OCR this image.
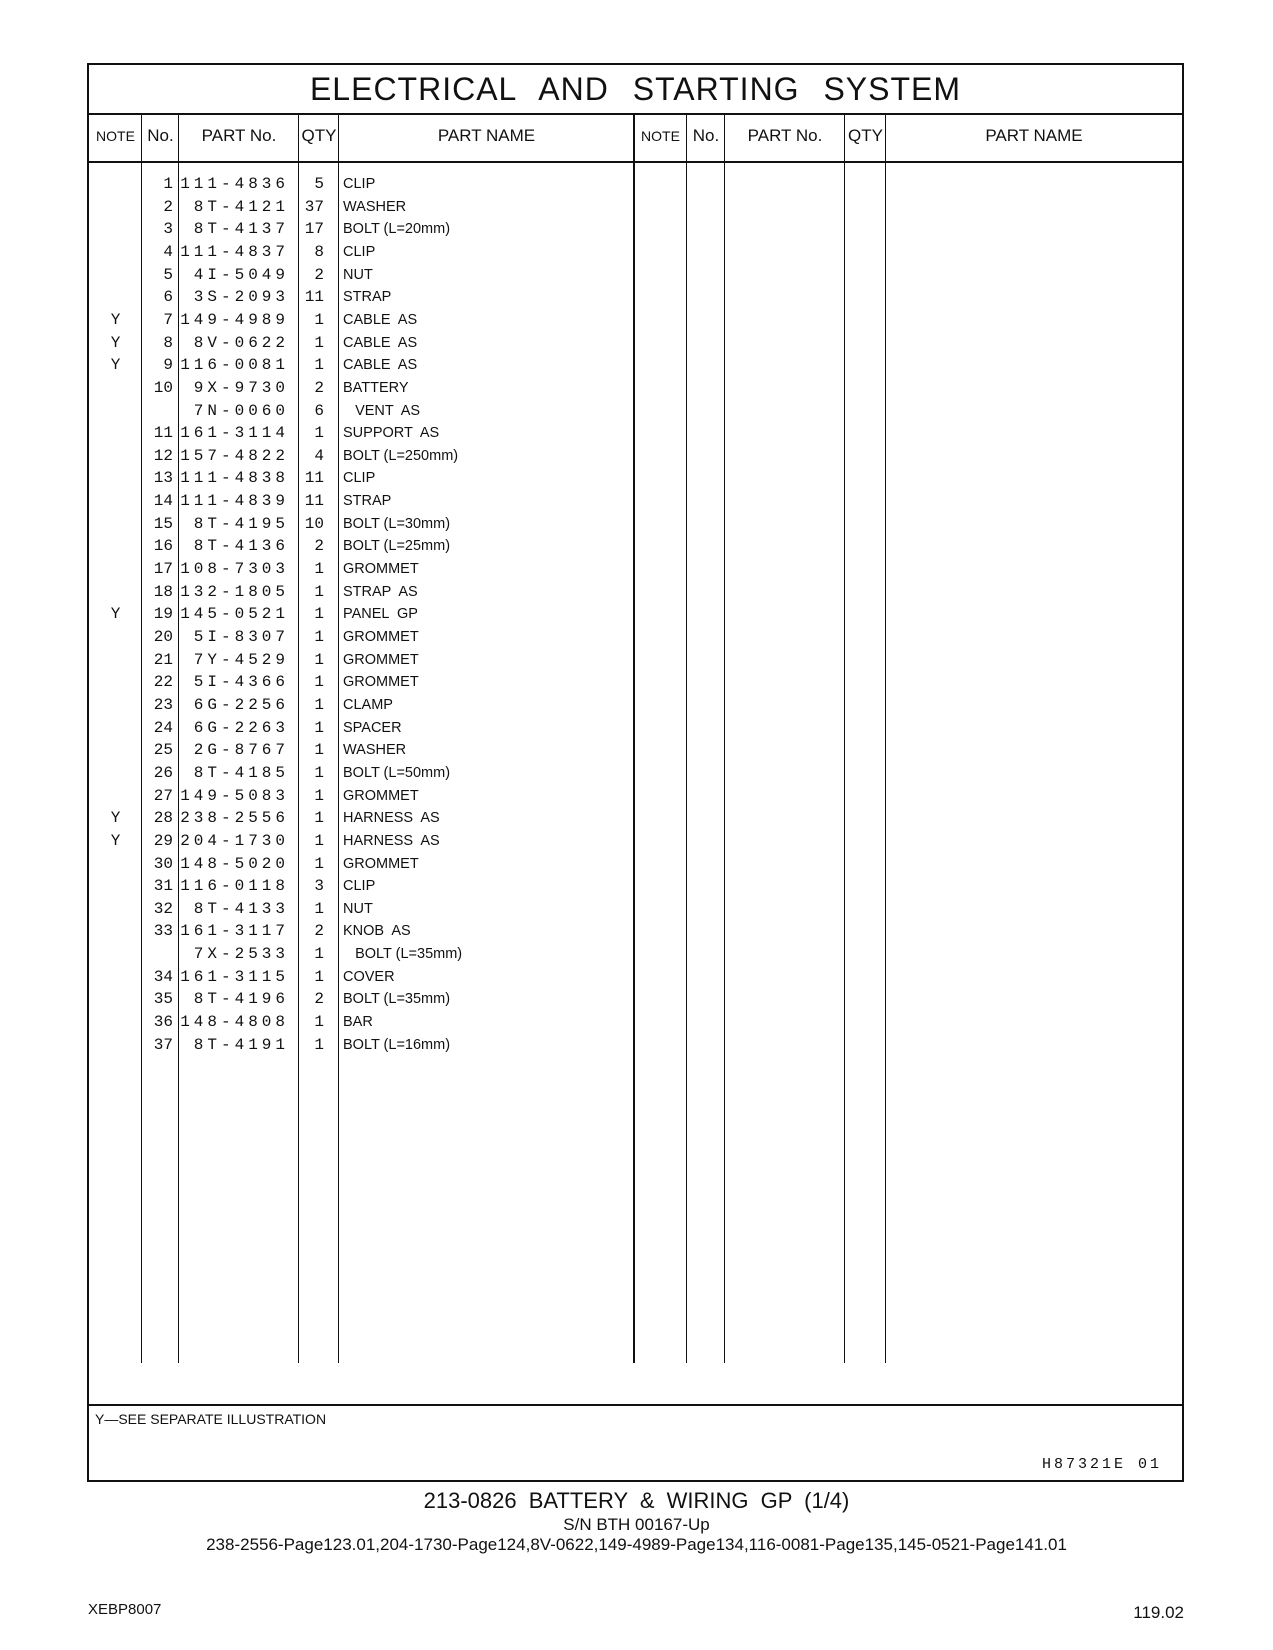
ELECTRICAL AND STARTING SYSTEM
NOTE No.	PART No.	QTY	PART NAME	NOTE No.	PART No.	QTY	PART NAME
1 111-4836	5 CLIP
2	8T-4121 37 WASHER
3	8T-4137 17 BOLT (L=20mm)
4 111-4837	8 CLIP
5	4I-5049	2 NUT
6	3S-2093 11 STRAP
Y	7 149-4989	1 CABLE  AS
Y	8	8V-0622	1 CABLE  AS
Y	9 116-0081	1 CABLE  AS
10	9X-9730	2 BATTERY
7N-0060	6 VENT  AS
11 161-3114	1 SUPPORT  AS
12 157-4822	4 BOLT (L=250mm)
13 111-4838 11 CLIP
14 111-4839 11 STRAP
15	8T-4195 10 BOLT (L=30mm)
16	8T-4136	2 BOLT (L=25mm)
17 108-7303	1 GROMMET
18 132-1805	1 STRAP  AS
Y	19 145-0521	1 PANEL  GP
20	5I-8307	1 GROMMET
21	7Y-4529	1 GROMMET
22	5I-4366	1 GROMMET
23	6G-2256	1 CLAMP
24	6G-2263	1 SPACER
25	2G-8767	1 WASHER
26	8T-4185	1 BOLT (L=50mm)
27 149-5083	1 GROMMET
Y	28 238-2556	1 HARNESS  AS
Y	29 204-1730	1 HARNESS  AS
30 148-5020	1 GROMMET
31 116-0118	3 CLIP
32	8T-4133	1 NUT
33 161-3117	2 KNOB  AS
7X-2533	1 BOLT (L=35mm)
34 161-3115	1 COVER
35	8T-4196	2 BOLT (L=35mm)
36 148-4808	1 BAR
37	8T-4191	1 BOLT (L=16mm)
Y—SEE SEPARATE ILLUSTRATION
H87321E 01
213-0826 BATTERY & WIRING GP (1/4)
S/N BTH 00167-Up
238-2556-Page123.01,204-1730-Page124,8V-0622,149-4989-Page134,116-0081-Page135,145-0521-Page141.01
XEBP8007	119.02
